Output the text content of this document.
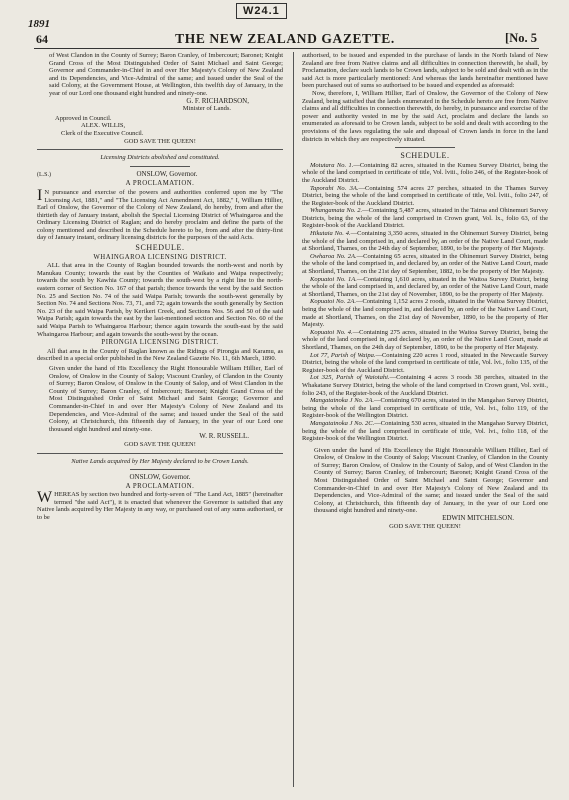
W24.1
1891
64	THE NEW ZEALAND GAZETTE.	[No. 5

of West Clandon in the County of Surrey; Baron Cranley, of Imbercourt; Baronet; Knight Grand Cross of the Most Distinguished Order of Saint Michael and Saint George; Governor and Commander-in-Chief in and over Her Majesty's Colony of New Zealand and its Dependencies, and Vice-Admiral of the same; and issued under the Seal of the said Colony, at the Government House, at Wellington, this twelfth day of January, in the year of our Lord one thousand eight hundred and ninety-one.

G. F. RICHARDSON,
Minister of Lands.

Approved in Council.

ALEX. WILLIS,

Clerk of the Executive Council.

GOD SAVE THE QUEEN!

Licensing Districts abolished and constituted.

(L.S.)	ONSLOW, Governor.

A PROCLAMATION.

I N pursuance and exercise of the powers and authorities conferred upon me by "The Licensing Act, 1881," and "The Licensing Act Amendment Act, 1882," I, William Hillier, Earl of Onslow, the Governor of the Colony of New Zealand, do hereby, from and after the thirtieth day of January instant, abolish the Special Licensing District of Whaingaroa and the Ordinary Licensing District of Raglan; and do hereby proclaim and define the parts of the colony mentioned and described in the Schedule hereto to be, from and after the thirty-first day of January instant, ordinary licensing districts for the purposes of the said Acts.

SCHEDULE.

WHAINGAROA LICENSING DISTRICT.

ALL that area in the County of Raglan bounded towards the north-west and north by Manukau County; towards the east by the Counties of Waikato and Waipa respectively; towards the south by Kawhia County; towards the south-west by a right line to the north-eastern corner of Section No. 167 of that parish; thence towards the west by the said Section No. 25 and Section No. 74 of the said Waipa Parish; towards the south-west generally by Section No. 74 and Sections Nos. 73, 71, and 72; again towards the south generally by Section No. 23 of the said Waipa Parish, by Kerikeri Creek, and Sections Nos. 56 and 50 of the said Waipa Parish; again towards the east by the last-mentioned section and Section No. 60 of the said Waipa Parish to Whaingaroa Harbour; thence again towards the south-east by the said Whaingaroa Harbour; and again towards the south-west by the ocean.

PIRONGIA LICENSING DISTRICT.

All that area in the County of Raglan known as the Ridings of Pirongia and Karamu, as described in a special order published in the New Zealand Gazette No. 11, 6th March, 1890.

Given under the hand of His Excellency the Right Honourable William Hillier, Earl of Onslow, of Onslow in the County of Salop; Viscount Cranley, of Clandon in the County of Surrey; Baron Onslow, of Onslow in the County of Salop, and of West Clandon in the County of Surrey; Baron Cranley, of Imbercourt; Baronet; Knight Grand Cross of the Most Distinguished Order of Saint Michael and Saint George; Governor and Commander-in-Chief in and over Her Majesty's Colony of New Zealand and its Dependencies, and Vice-Admiral of the same; and issued under the Seal of the said Colony, at Christchurch, this fifteenth day of January, in the year of our Lord one thousand eight hundred and ninety-one.

W. R. RUSSELL.

GOD SAVE THE QUEEN!

Native Lands acquired by Her Majesty declared to be Crown Lands.

ONSLOW, Governor.

A PROCLAMATION.

WHEREAS by section two hundred and forty-seven of "The Land Act, 1885" (hereinafter termed "the said Act"), it is enacted that whenever the Governor is satisfied that any Native lands acquired by Her Majesty in any way, or purchased out of any sums authorised, or to be

authorised, to be issued and expended in the purchase of lands in the North Island of New Zealand are free from Native claims and all difficulties in connection therewith, he shall, by Proclamation, declare such lands to be Crown lands, subject to be sold and dealt with as in the said Act is more particularly mentioned: And whereas the lands hereinafter mentioned have been purchased out of sums so authorised to be issued and expended as aforesaid:

Now, therefore, I, William Hillier, Earl of Onslow, the Governor of the Colony of New Zealand, being satisfied that the lands enumerated in the Schedule hereto are free from Native claims and all difficulties in connection therewith, do hereby, in pursuance and exercise of the power and authority vested in me by the said Act, proclaim and declare the lands so enumerated as aforesaid to be Crown lands, subject to be sold and dealt with according to the provisions of the laws regulating the sale and disposal of Crown lands in force in the land districts in which they are respectively situated.

SCHEDULE.

Motutara No. 1.—Containing 82 acres, situated in the Kumeu Survey District, being the whole of the land comprised in certificate of title, Vol. lviii., folio 246, of the Register-book of the Auckland District.

Taporahi No. 3A.—Containing 574 acres 27 perches, situated in the Thames Survey District, being the whole of the land comprised in certificate of title, Vol. lviii., folio 247, of the Register-book of the Auckland District.

Whangamata No. 2.—Containing 5,487 acres, situated in the Tairua and Ohinemuri Survey Districts, being the whole of the land comprised in Crown grant, Vol. lx., folio 63, of the Register-book of the Auckland District.

Hikutaia No. 4.—Containing 3,350 acres, situated in the Ohinemuri Survey District, being the whole of the land comprised in, and declared by, an order of the Native Land Court, made at Shortland, Thames, on the 24th day of September, 1890, to be the property of Her Majesty.

Owharoa No. 2A.—Containing 65 acres, situated in the Ohinemuri Survey District, being the whole of the land comprised in, and declared by, an order of the Native Land Court, made at Shortland, Thames, on the 21st day of September, 1882, to be the property of Her Majesty.

Kopuatoi No. 1A.—Containing 1,610 acres, situated in the Waitoa Survey District, being the whole of the land comprised in, and declared by, an order of the Native Land Court, made at Shortland, Thames, on the 21st day of November, 1890, to be the property of Her Majesty.

Kopuatoi No. 2A.—Containing 1,152 acres 2 roods, situated in the Waitoa Survey District, being the whole of the land comprised in, and declared by, an order of the Native Land Court, made at Shortland, Thames, on the 21st day of November, 1890, to be the property of Her Majesty.

Kopuatoi No. 4.—Containing 275 acres, situated in the Waitoa Survey District, being the whole of the land comprised in, and declared by, an order of the Native Land Court, made at Shortland, Thames, on the 24th day of September, 1890, to be the property of Her Majesty.

Lot 77, Parish of Waipa.—Containing 220 acres 1 rood, situated in the Newcastle Survey District, being the whole of the land comprised in certificate of title, Vol. lvi., folio 135, of the Register-book of the Auckland District.

Lot 325, Parish of Waiotahi.—Containing 4 acres 3 roods 38 perches, situated in the Whakatane Survey District, being the whole of the land comprised in Crown grant, Vol. xviii., folio 243, of the Register-book of the Auckland District.

Mangatainoka J No. 2A.—Containing 670 acres, situated in the Mangahao Survey District, being the whole of the land comprised in certificate of title, Vol. lvi., folio 119, of the Register-book of the Wellington District.

Mangatainoka J No. 2C.—Containing 530 acres, situated in the Mangahao Survey District, being the whole of the land comprised in certificate of title, Vol. lvi., folio 118, of the Register-book of the Wellington District.

Given under the hand of His Excellency the Right Honourable William Hillier, Earl of Onslow, of Onslow in the County of Salop; Viscount Cranley, of Clandon in the County of Surrey; Baron Onslow, of Onslow in the County of Salop, and of West Clandon in the County of Surrey; Baron Cranley, of Imbercourt; Baronet; Knight Grand Cross of the Most Distinguished Order of Saint Michael and Saint George; Governor and Commander-in-Chief in and over Her Majesty's Colony of New Zealand and its Dependencies, and Vice-Admiral of the same; and issued under the Seal of the said Colony, at Christchurch, this fifteenth day of January, in the year of our Lord one thousand eight hundred and ninety-one.

EDWIN MITCHELSON.

GOD SAVE THE QUEEN!
